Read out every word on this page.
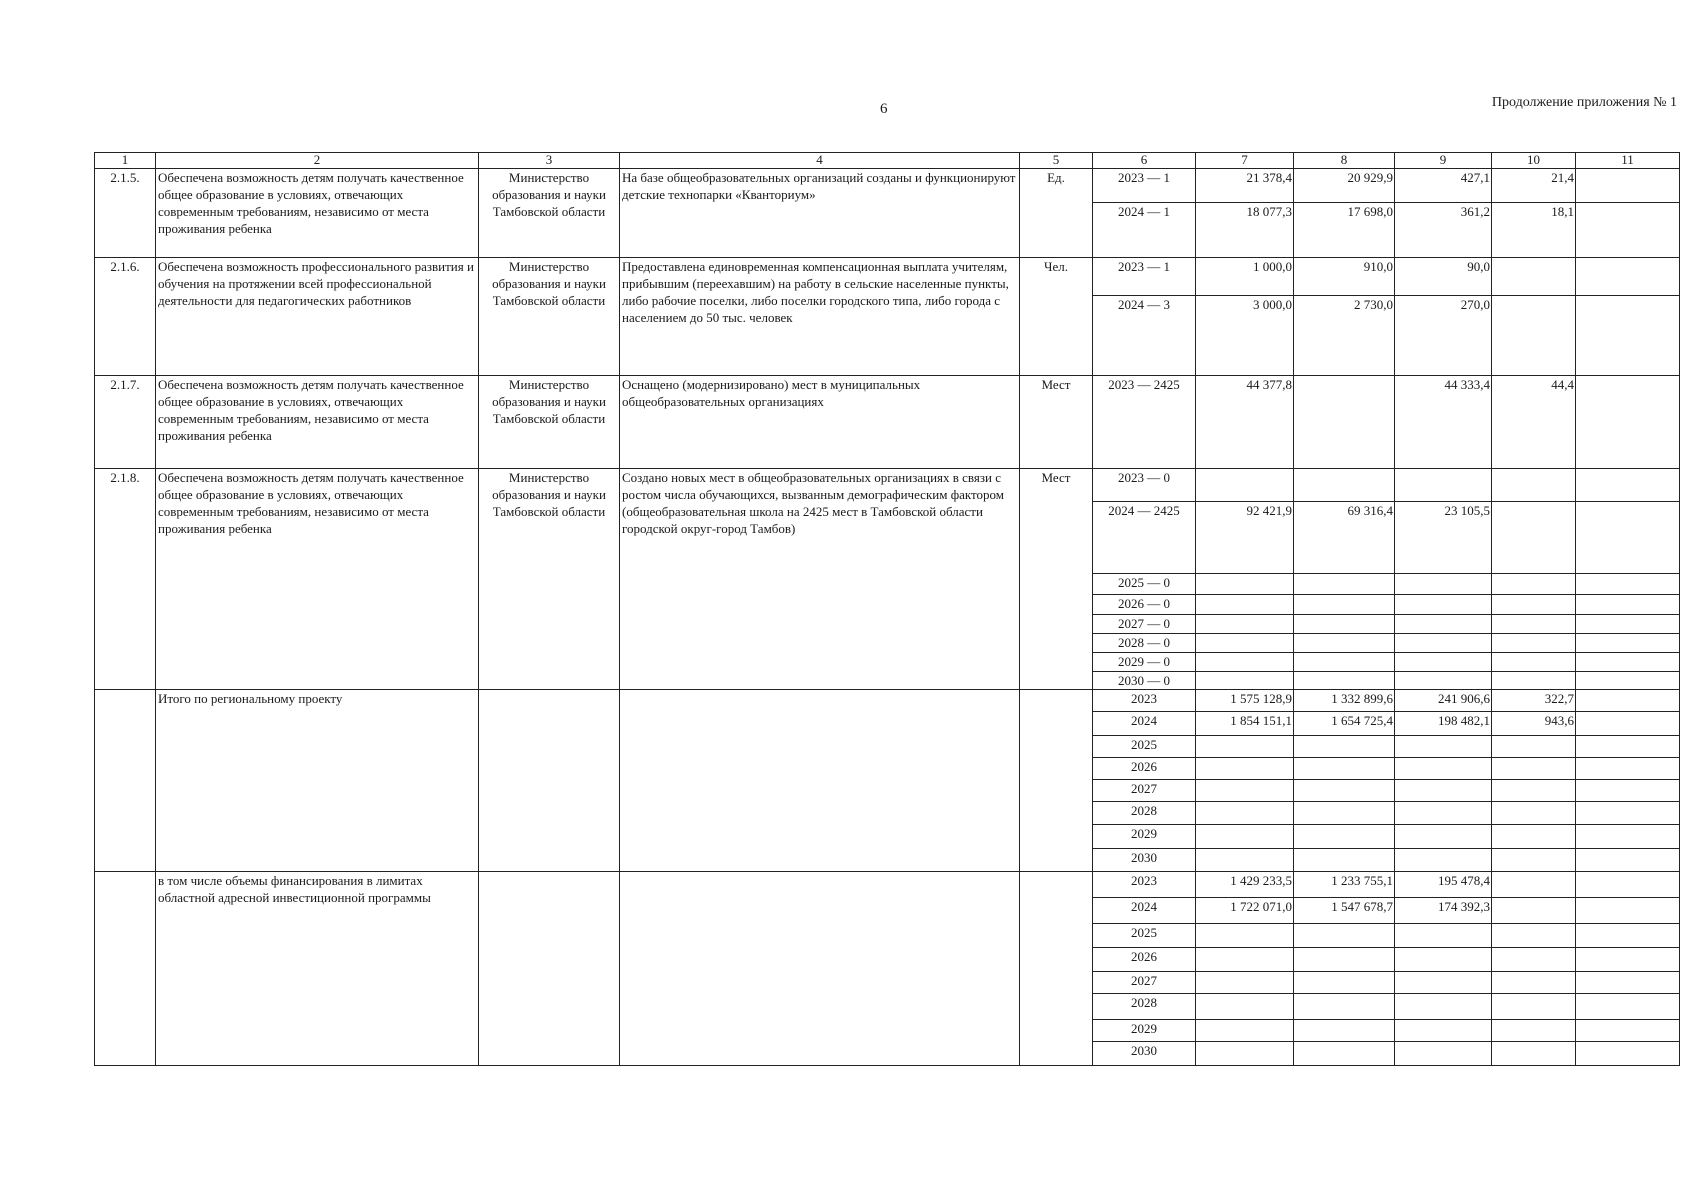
6	Продолжение приложения № 1
1	2	3	4	5	6	7	8	9	10	11
2.1.5.	Обеспечена возможность детям получать качественное общее образование в условиях, отвечающих современным требованиям, независимо от места проживания ребенка	Министерство образования и науки Тамбовской области	На базе общеобразовательных организаций созданы и функционируют детские технопарки «Кванториум»	Ед.	2023 — 1	21 378,4	20 929,9	427,1	21,4	
					2024 — 1	18 077,3	17 698,0	361,2	18,1	
2.1.6.	Обеспечена возможность профессионального развития и обучения на протяжении всей профессиональной деятельности для педагогических работников	Министерство образования и науки Тамбовской области	Предоставлена единовременная компенсационная выплата учителям, прибывшим (переехавшим) на работу в сельские населенные пункты, либо рабочие поселки, либо поселки городского типа, либо города с населением до 50 тыс. человек	Чел.	2023 — 1	1 000,0	910,0	90,0		
					2024 — 3	3 000,0	2 730,0	270,0		
2.1.7.	Обеспечена возможность детям получать качественное общее образование в условиях, отвечающих современным требованиям, независимо от места проживания ребенка	Министерство образования и науки Тамбовской области	Оснащено (модернизировано) мест в муниципальных общеобразовательных организациях	Мест	2023 — 2425	44 377,8		44 333,4	44,4	
2.1.8.	Обеспечена возможность детям получать качественное общее образование в условиях, отвечающих современным требованиям, независимо от места проживания ребенка	Министерство образования и науки Тамбовской области	Создано новых мест в общеобразовательных организациях в связи с ростом числа обучающихся, вызванным демографическим фактором (общеобразовательная школа на 2425 мест в Тамбовской области городской округ-город Тамбов)	Мест	2023 — 0					
					2024 — 2425	92 421,9	69 316,4	23 105,5		
					2025 — 0					
					2026 — 0					
					2027 — 0					
					2028 — 0					
					2029 — 0					
					2030 — 0					
	Итого по региональному проекту				2023	1 575 128,9	1 332 899,6	241 906,6	322,7	
					2024	1 854 151,1	1 654 725,4	198 482,1	943,6	
					2025					
					2026					
					2027					
					2028					
					2029					
					2030					
	в том числе объемы финансирования в лимитах областной адресной инвестиционной программы				2023	1 429 233,5	1 233 755,1	195 478,4		
					2024	1 722 071,0	1 547 678,7	174 392,3		
					2025					
					2026					
					2027					
					2028					
					2029					
					2030					
